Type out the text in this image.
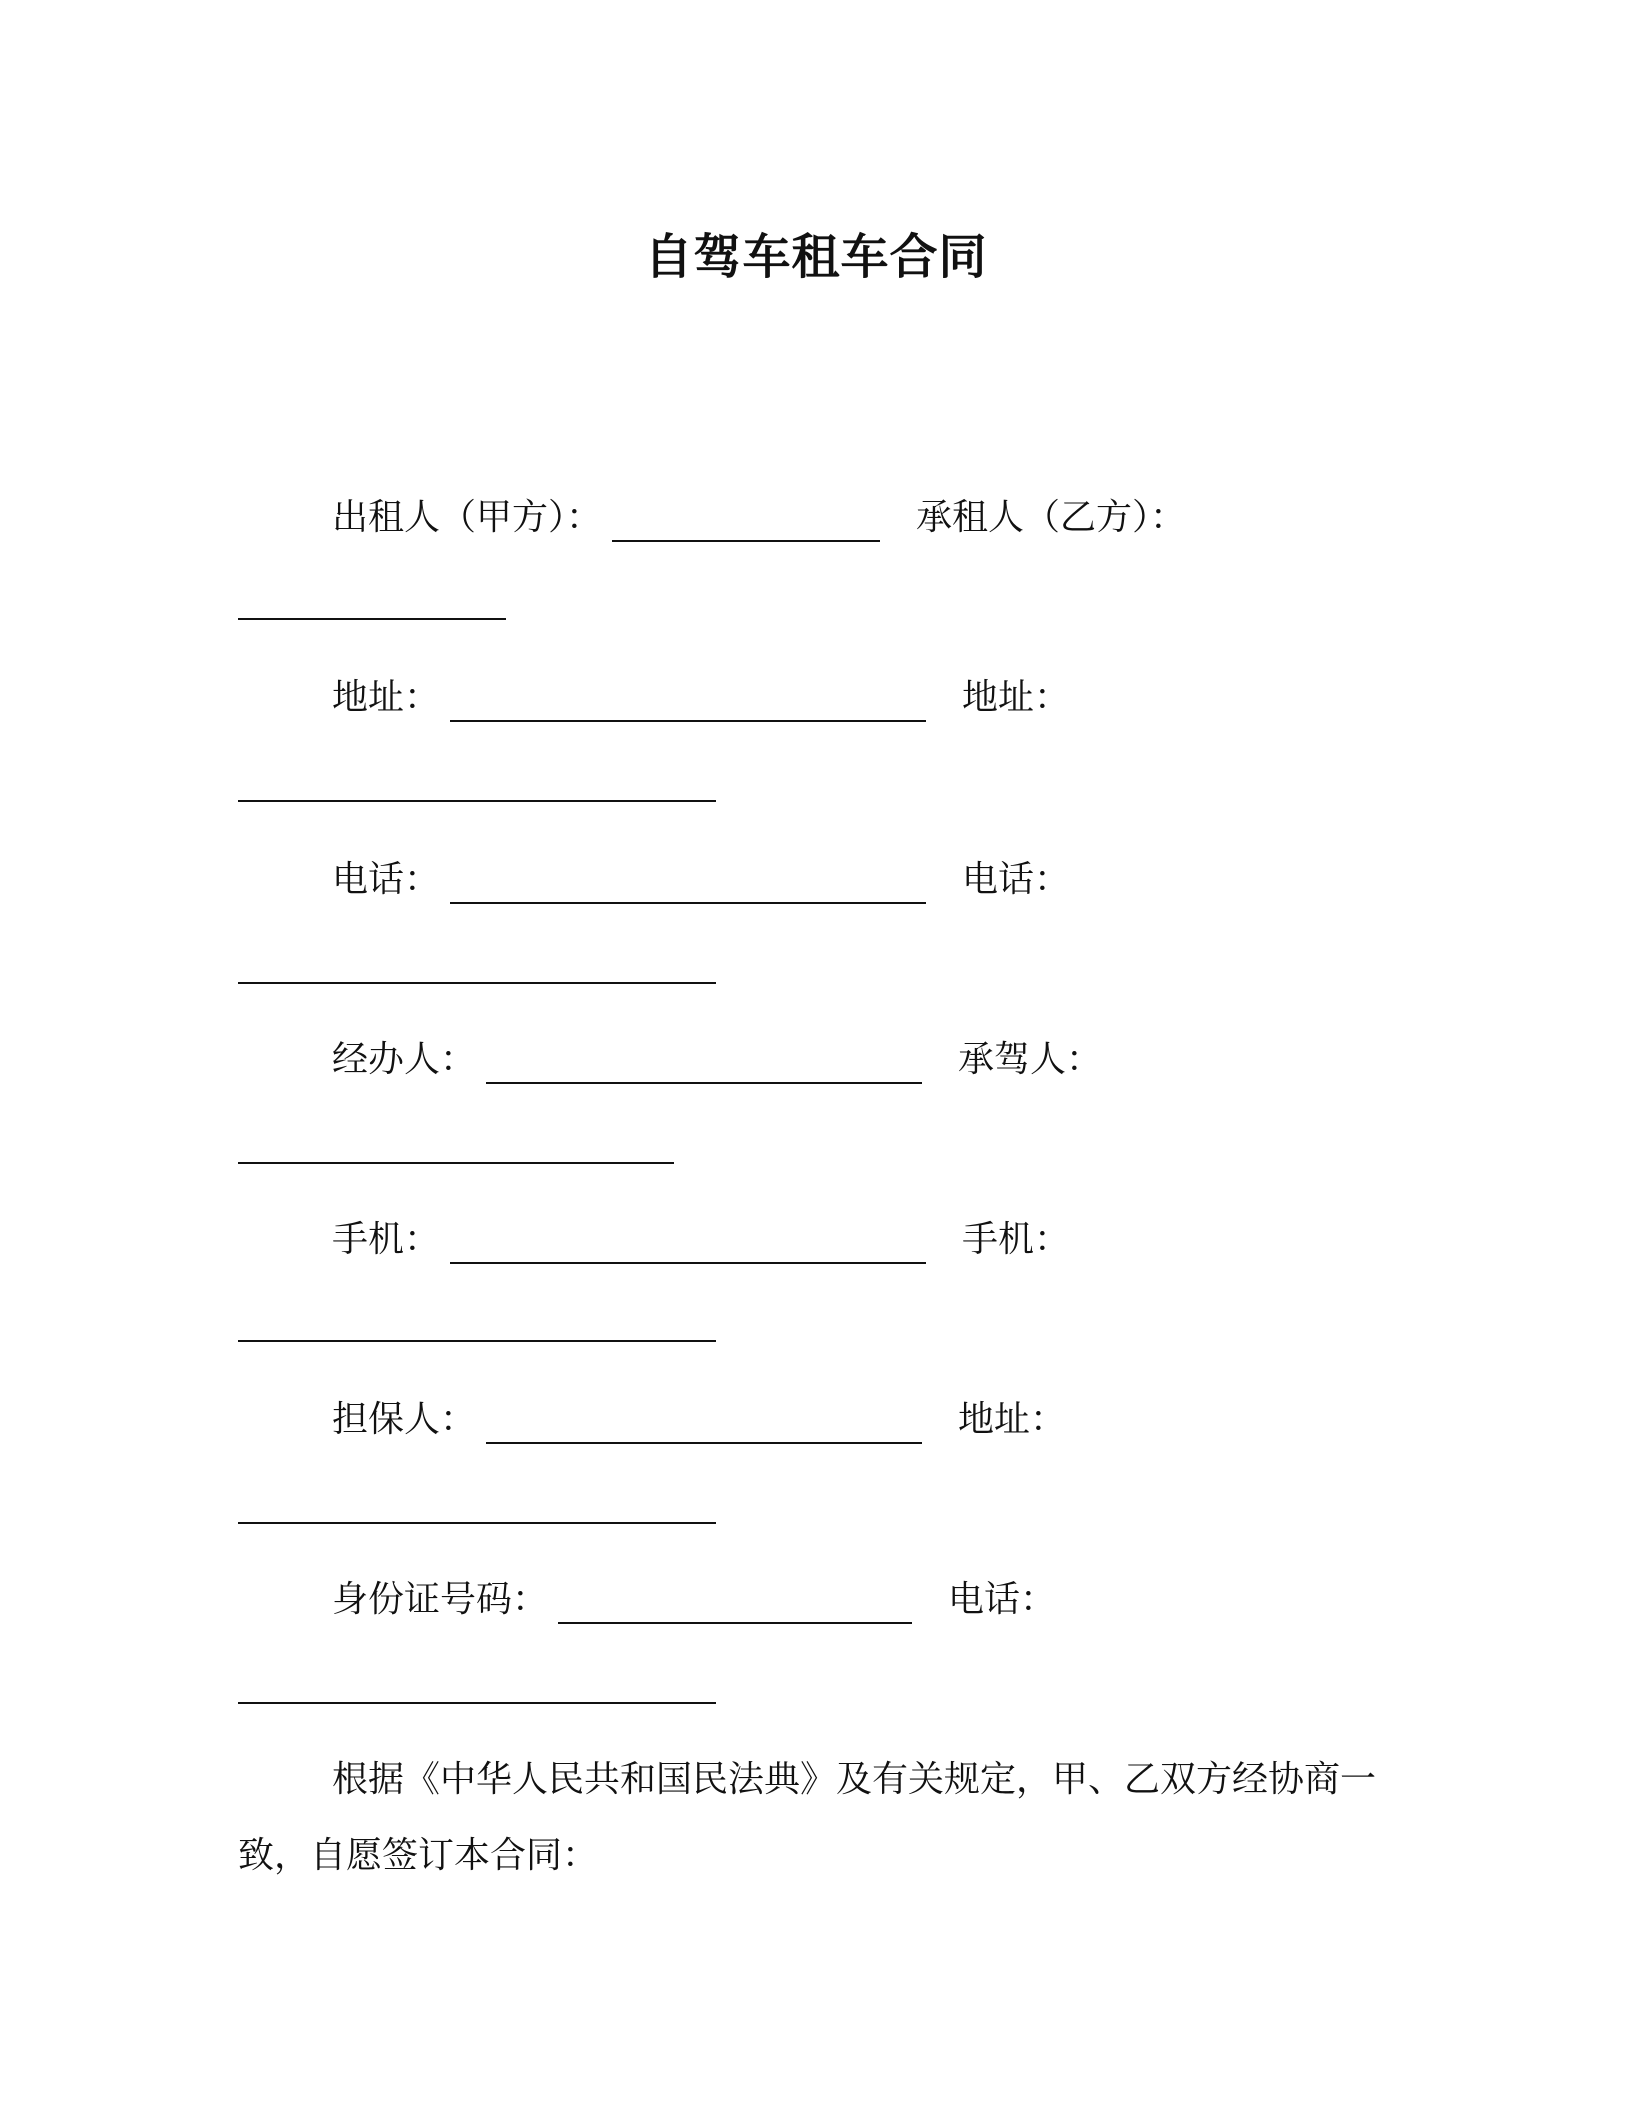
自驾车租车合同
出租人（甲方）：	承租人（乙方）：
地址：	地址：
电话：	电话：
经办人：	承驾人：
手机：	手机：
担保人：	地址：
身份证号码：	电话：

根据《中华人民共和国民法典》及有关规定，甲、乙双方经协商一致，自愿签订本合同：
